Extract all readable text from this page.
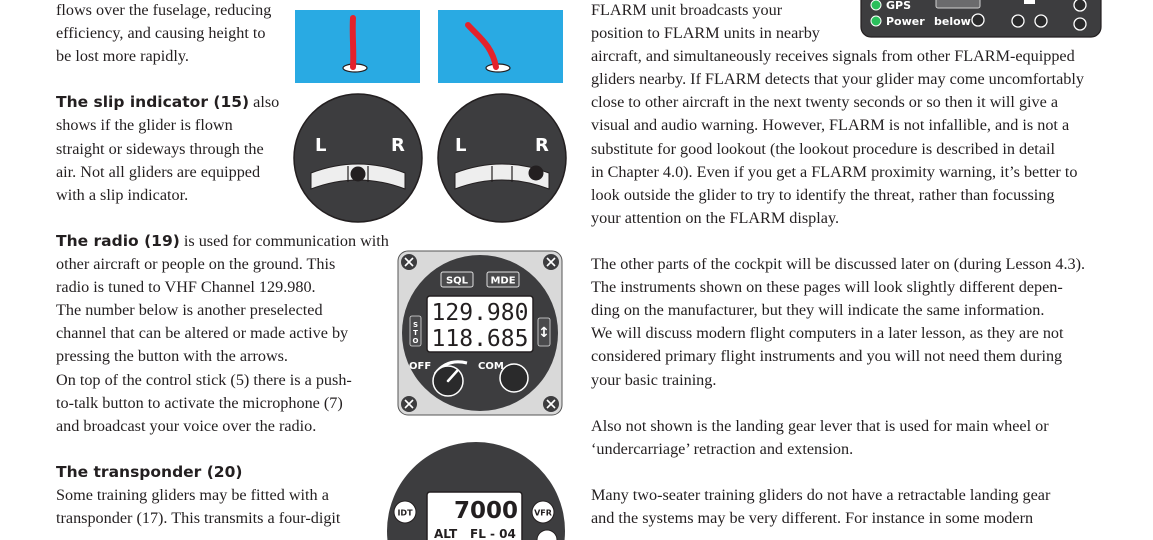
flows over the fuselage, reducing

efficiency, and causing height to

be lost more rapidly.

The slip indicator (15) also

shows if the glider is flown

straight or sideways through the

air. Not all gliders are equipped

with a slip indicator.

The radio (19) is used for communication with

other aircraft or people on the ground. This

radio is tuned to VHF Channel 129.980.

The number below is another preselected

channel that can be altered or made active by

pressing the button with the arrows.

On top of the control stick (5) there is a push-

to-talk button to activate the microphone (7)

and broadcast your voice over the radio.

The transponder (20)

Some training gliders may be fitted with a

transponder (17). This transmits a four-digit

FLARM unit broadcasts your

position to FLARM units in nearby

aircraft, and simultaneously receives signals from other FLARM-equipped

gliders nearby. If FLARM detects that your glider may come uncomfortably

close to other aircraft in the next twenty seconds or so then it will give a

visual and audio warning. However, FLARM is not infallible, and is not a

substitute for good lookout (the lookout procedure is described in detail

in Chapter 4.0). Even if you get a FLARM proximity warning, it’s better to

look outside the glider to try to identify the threat, rather than focussing

your attention on the FLARM display.

The other parts of the cockpit will be discussed later on (during Lesson 4.3).

The instruments shown on these pages will look slightly different depen-

ding on the manufacturer, but they will indicate the same information.

We will discuss modern flight computers in a later lesson, as they are not

considered primary flight instruments and you will not need them during

your basic training.

Also not shown is the landing gear lever that is used for main wheel or

‘undercarriage’ retraction and extension.

Many two-seater training gliders do not have a retractable landing gear

and the systems may be very different. For instance in some modern

L	R	L	R
SQL MDE
129.980
118.685
S
T
O	↕
OFF	COM
7000
ALT FL - 04
IDT	VFR
GPS
Power below
